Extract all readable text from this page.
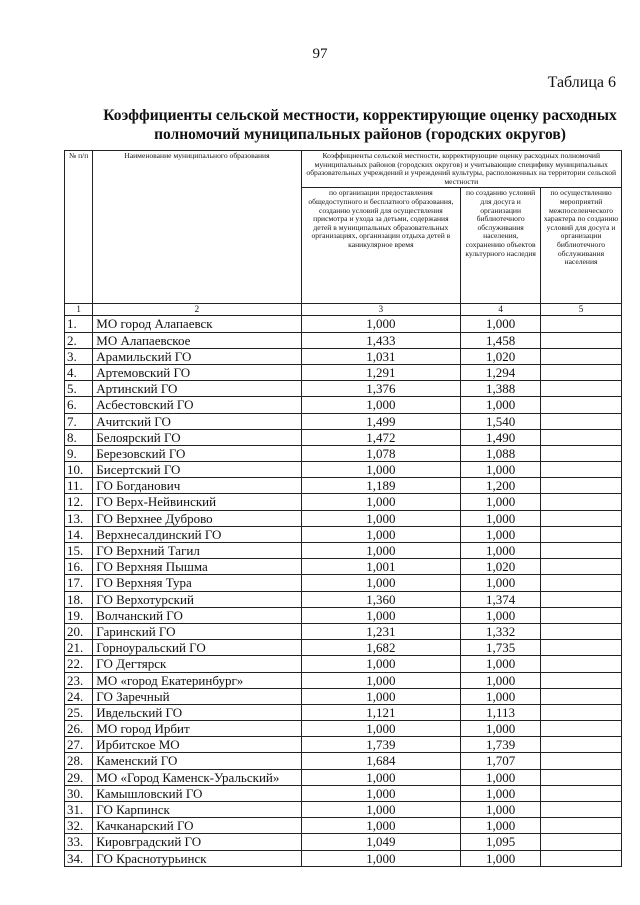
97
Таблица 6
Коэффициенты сельской местности, корректирующие оценку расходных полномочий муниципальных районов (городских округов)
№ п/п	Наименование муниципального образования	Коэффициенты сельской местности, корректирующие оценку расходных полномочий муниципальных районов (городских округов) и учитывающие специфику муниципальных образовательных учреждений и учреждений культуры, расположенных на территории сельской местности		
		по организации предоставления общедоступного и бесплатного образования, созданию условий для осуществления присмотра и ухода за детьми, содержания детей в муниципальных образовательных организациях, организации отдыха детей в каникулярное время	по созданию условий для досуга и организации библиотечного обслуживания населения, сохранению объектов культурного наследия	по осуществлению мероприятий межпоселенческого характера по созданию условий для досуга и организации библиотечного обслуживания населения
1	2	3	4	5
1.	МО город Алапаевск	1,000	1,000	
2.	МО Алапаевское	1,433	1,458	
3.	Арамильский ГО	1,031	1,020	
4.	Артемовский ГО	1,291	1,294	
5.	Артинский ГО	1,376	1,388	
6.	Асбестовский ГО	1,000	1,000	
7.	Ачитский ГО	1,499	1,540	
8.	Белоярский ГО	1,472	1,490	
9.	Березовский ГО	1,078	1,088	
10.	Бисертский ГО	1,000	1,000	
11.	ГО Богданович	1,189	1,200	
12.	ГО Верх-Нейвинский	1,000	1,000	
13.	ГО Верхнее Дуброво	1,000	1,000	
14.	Верхнесалдинский ГО	1,000	1,000	
15.	ГО Верхний Тагил	1,000	1,000	
16.	ГО Верхняя Пышма	1,001	1,020	
17.	ГО Верхняя Тура	1,000	1,000	
18.	ГО Верхотурский	1,360	1,374	
19.	Волчанский ГО	1,000	1,000	
20.	Гаринский ГО	1,231	1,332	
21.	Горноуральский ГО	1,682	1,735	
22.	ГО Дегтярск	1,000	1,000	
23.	МО «город Екатеринбург»	1,000	1,000	
24.	ГО Заречный	1,000	1,000	
25.	Ивдельский ГО	1,121	1,113	
26.	МО город Ирбит	1,000	1,000	
27.	Ирбитское МО	1,739	1,739	
28.	Каменский ГО	1,684	1,707	
29.	МО «Город Каменск-Уральский»	1,000	1,000	
30.	Камышловский ГО	1,000	1,000	
31.	ГО Карпинск	1,000	1,000	
32.	Качканарский ГО	1,000	1,000	
33.	Кировградский ГО	1,049	1,095	
34.	ГО Краснотурьинск	1,000	1,000	
